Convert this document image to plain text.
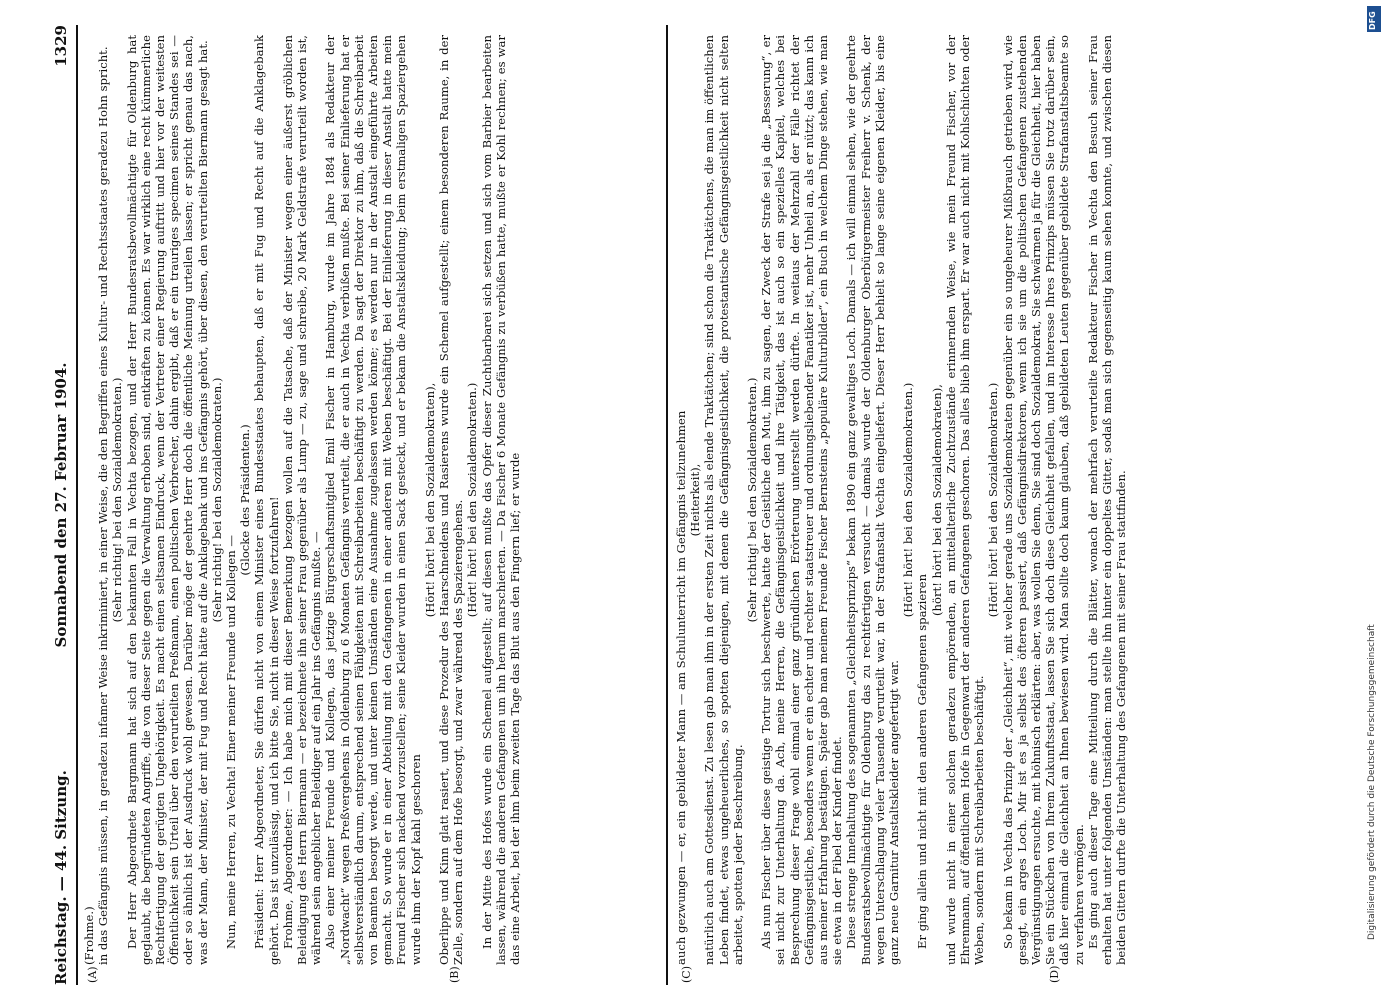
Reichstag. — 44. Sitzung.
Sonnabend den 27. Februar 1904.
1329
(A)	(B)	(C)	(D)

(Frohme.) in das Gefängnis müssen, in geradezu infamer Weise inkriminiert, in einer Weise, die den Begriffen eines Kultur- und Rechtsstaates geradezu Hohn spricht. (Sehr richtig! bei den Sozialdemokraten.) Der Herr Abgeordnete Bargmann hat sich auf den bekannten Fall in Vechta bezogen, und der Herr Bundesratsbevollmächtigte für Oldenburg hat geglaubt, die begründeten Angriffe, die von dieser Seite gegen die Verwaltung erhoben sind, entkräften zu können. Es war wirklich eine recht kümmerliche Rechtfertigung der gerügten Ungehörigkeit. Es macht einen seltsamen Eindruck, wenn der Vertreter einer Regierung auftritt und hier vor der weitesten Öffentlichkeit sein Urteil über den verurteilten Preßmann, einen politischen Verbrecher, dahin ergibt, daß er ein trauriges specimen seines Standes sei — oder so ähnlich ist der Ausdruck wohl gewesen. Darüber möge der geehrte Herr doch die öffentliche Meinung urteilen lassen; er spricht genau das nach, was der Mann, der Minister, der mit Fug und Recht hätte auf die Anklagebank und ins Gefängnis gehört, über diesen, den verurteilten Biermann gesagt hat. (Sehr richtig! bei den Sozialdemokraten.)

Nun, meine Herren, zu Vechta! Einer meiner Freunde und Kollegen —

(Glocke des Präsidenten.) Präsident: Herr Abgeordneter, Sie dürfen nicht von einem Minister eines Bundesstaates behaupten, daß er mit Fug und Recht auf die Anklagebank gehört. Das ist unzulässig, und ich bitte Sie, nicht in dieser Weise fortzufahren! Frohme, Abgeordneter: — Ich habe mich mit dieser Bemerkung bezogen wollen auf die Tatsache, daß der Minister wegen einer äußerst gröblichen Beleidigung des Herrn Biermann — er bezeichnete ihn seiner Frau gegenüber als Lump — zu, sage und schreibe, 20 Mark Geldstrafe verurteilt worden ist, während sein angeblicher Beleidiger auf ein Jahr ins Gefängnis mußte. — Also einer meiner Freunde und Kollegen, das jetzige Bürgerschaftsmitglied Emil Fischer in Hamburg, wurde im Jahre 1884 als Redakteur der „Nordwacht“ wegen Preßvergehens in Oldenburg zu 6 Monaten Gefängnis verurteilt, die er auch in Vechta verbüßen mußte. Bei seiner Einlieferung hat er selbstverständlich darum, entsprechend seinen Fähigkeiten mit Schreibarbeiten beschäftigt zu werden. Da sagt der Direktor zu ihm, daß die Schreibarbeit von Beamten besorgt werde, und unter keinen Umständen eine Ausnahme zugelassen werden könne; es werden nur in der Anstalt eingeführte Arbeiten gemacht. So wurde er in einer Abteilung mit den Gefangenen in einer anderen mit Weben beschäftigt. Bei der Einlieferung in dieser Anstalt hatte mein Freund Fischer sich nackend vorzustellen; seine Kleider wurden in einen Sack gesteckt, und er bekam die Anstaltskleidung; beim erstmaligen Spaziergehen wurde ihm der Kopf kahl geschoren

(Hört! hört! bei den Sozialdemokraten), Oberlippe und Kinn glatt rasiert, und diese Prozedur des Haarschneidens und Rasierens wurde ein Schemel aufgestellt; einem besonderen Raume, in der Zelle, sondern auf dem Hofe besorgt, und zwar während des Spazierengehens. (Hört! hört! bei den Sozialdemokraten.) In der Mitte des Hofes wurde ein Schemel aufgestellt; auf diesen mußte das Opfer dieser Zuchtbarbarei sich setzen und sich vom Barbier bearbeiten lassen, während die anderen Gefangenen um ihn herum marschierten. — Da Fischer 6 Monate Gefängnis zu verbüßen hatte, mußte er Kohl rechnen; es war das eine Arbeit, bei der ihm beim zweiten Tage das Blut aus den Fingern lief; er wurde	auch gezwungen — er, ein gebildeter Mann — am Schulunterricht im Gefängnis teilzunehmen (Heiterkeit), natürlich auch am Gottesdienst. Zu lesen gab man ihm in der ersten Zeit nichts als elende Traktätchen; sind schon die Traktätchens, die man im öffentlichen Leben findet, etwas ungeheuerliches, so spotten diejenigen, mit denen die Gefängnisgeistlichkeit, die protestantische Gefängnisgeistlichkeit nicht selten arbeitet, spotten jeder Beschreibung.

(Sehr richtig! bei den Sozialdemokraten.) Als nun Fischer über diese geistige Tortur sich beschwerte, hatte der Geistliche den Mut, ihm zu sagen, der Zweck der Strafe sei ja die „Besserung“, er sei nicht zur Unterhaltung da. Ach, meine Herren, die Gefängnisgeistlichkeit und ihre Tätigkeit, das ist auch so ein spezielles Kapitel, welches bei Besprechung dieser Frage wohl einmal einer ganz gründlichen Erörterung unterstellt werden dürfte. In weitaus der Mehrzahl der Fälle richtet der Gefängnisgeistliche, besonders wenn er ein echter und rechter staatstreuer und ordnungsliebender Fanatiker ist, mehr Unheil an, als er nützt; das kann ich aus meiner Erfahrung bestätigen. Später gab man meinem Freunde Fischer Bernsteins „populäre Kulturbilder“, ein Buch in welchem Dinge stehen, wie man sie etwa in der Fibel der Kinder findet. Diese strenge Innehaltung des sogenannten „Gleichheitsprinzips“ bekam 1890 ein ganz gewaltiges Loch. Damals — ich will einmal sehen, wie der geehrte Bundesratsbevollmächtigte für Oldenburg das zu rechtfertigen versucht — damals wurde der Oldenburger Oberbürgermeister Freiherr v. Schenk, der wegen Unterschlagung vieler Tausende verurteilt war, in der Strafanstalt Vechta eingeliefert. Dieser Herr behielt so lange seine eigenen Kleider, bis eine ganz neue Garnitur Anstaltskleider angefertigt war.

(Hört! hört! bei den Sozialdemokraten.)

Er ging allein und nicht mit den anderen Gefangenen spazieren

(hört! hört! bei den Sozialdemokraten), und wurde nicht in einer solchen geradezu empörenden, an mittelalterliche Zuchtzustände erinnernden Weise, wie mein Freund Fischer, vor der Ehrenmann, auf öffentlichem Hofe in Gegenwart der anderen Gefangenen geschoren. Das alles blieb ihm erspart. Er war auch nicht mit Kohlschichten oder Weben, sondern mit Schreibarbeiten beschäftigt.

(Hört! hört! bei den Sozialdemokraten.) So bekam in Vechta das Prinzip der „Gleichheit“, mit welcher gerade uns Sozialdemokraten gegenüber ein so ungeheurer Mißbrauch getrieben wird, wie gesagt, ein arges Loch. Mir ist es ja selbst des öfteren passiert, daß Gefängnisdirektoren, wenn ich sie um die politischen Gefangenen zustehenden Vergünstigungen ersuchte, mit höhnisch erklärten: aber, was wollen Sie denn, Sie sind doch Sozialdemokrat, Sie schwärmen ja für die Gleichheit, hier haben Sie ein Stückchen von Ihrem Zukunftsstaat, lassen Sie sich doch diese Gleichheit gefallen, und im Interesse Ihres Prinzips müssen Sie trotz darüber sein, daß hier einmal die Gleichheit an Ihnen bewiesen wird. Man sollte doch kaum glauben, daß gebildeten Leuten gegenüber gebildete Strafanstaltsbeamte so zu verfahren vermögen. Es ging auch dieser Tage eine Mitteilung durch die Blätter, wonach der mehrfach verurteilte Redakteur Fischer in Vechta den Besuch seiner Frau erhalten hat unter folgenden Umständen: man stellte ihn hinter ein doppeltes Gitter, sodaß man sich gegenseitig kaum sehen konnte, und zwischen diesen beiden Gittern durfte die Unterhaltung des Gefangenen mit seiner Frau stattfinden.	Digitalisierung gefördert durch die Deutsche Forschungsgemeinschaft
DFG
